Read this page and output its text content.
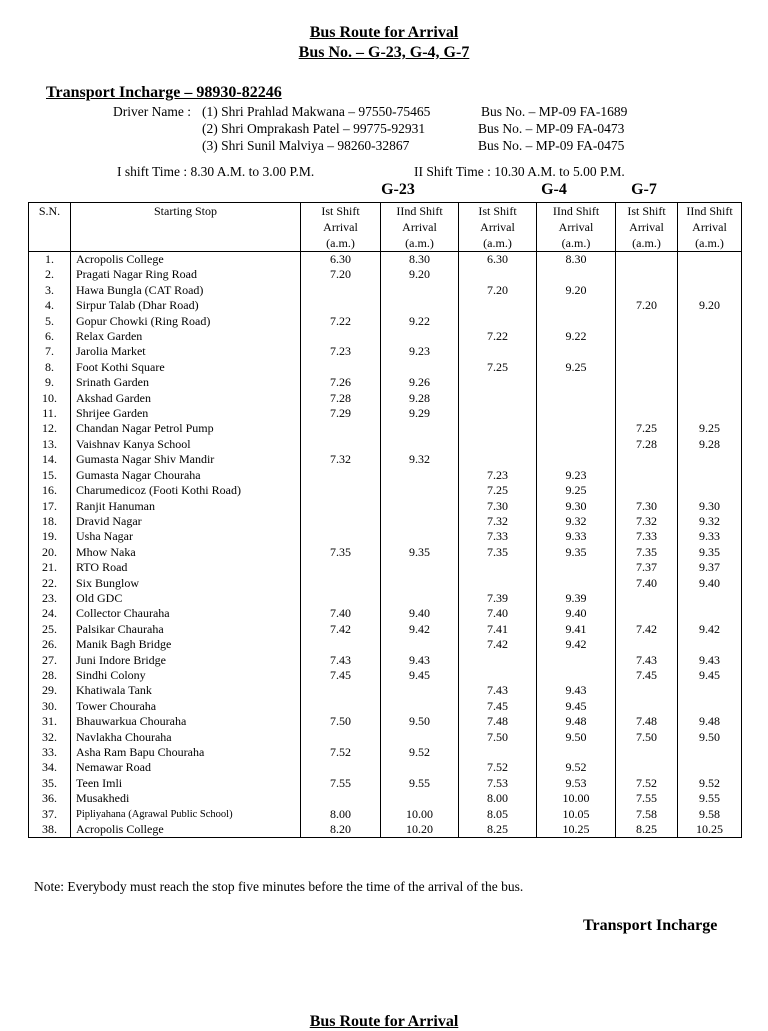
Bus Route for Arrival
Bus No. – G-23, G-4, G-7
Transport Incharge – 98930-82246
Driver Name : (1) Shri Prahlad Makwana – 97550-75465	Bus No. – MP-09 FA-1689
(2) Shri Omprakash Patel – 99775-92931	Bus No. – MP-09 FA-0473
(3) Shri Sunil Malviya – 98260-32867	Bus No. – MP-09 FA-0475
I shift Time : 8.30 A.M. to 3.00 P.M.	II Shift Time : 10.30 A.M. to 5.00 P.M.
G-23	G-4	G-7
S.N.	Starting Stop	Ist Shift
Arrival
(a.m.)	IInd Shift
Arrival
(a.m.)	Ist Shift
Arrival
(a.m.)	IInd Shift
Arrival
(a.m.)	Ist Shift
Arrival
(a.m.)	IInd Shift
Arrival
(a.m.)
1.	Acropolis College	6.30	8.30	6.30	8.30		
2.	Pragati Nagar Ring Road	7.20	9.20				
3.	Hawa Bungla (CAT Road)			7.20	9.20		
4.	Sirpur Talab (Dhar Road)					7.20	9.20
5.	Gopur Chowki (Ring Road)	7.22	9.22				
6.	Relax Garden			7.22	9.22		
7.	Jarolia Market	7.23	9.23				
8.	Foot Kothi Square			7.25	9.25		
9.	Srinath Garden	7.26	9.26				
10.	Akshad Garden	7.28	9.28				
11.	Shrijee Garden	7.29	9.29				
12.	Chandan Nagar Petrol Pump					7.25	9.25
13.	Vaishnav Kanya School					7.28	9.28
14.	Gumasta Nagar Shiv Mandir	7.32	9.32				
15.	Gumasta Nagar Chouraha			7.23	9.23		
16.	Charumedicoz (Footi Kothi Road)			7.25	9.25		
17.	Ranjit Hanuman			7.30	9.30	7.30	9.30
18.	Dravid Nagar			7.32	9.32	7.32	9.32
19.	Usha Nagar			7.33	9.33	7.33	9.33
20.	Mhow Naka	7.35	9.35	7.35	9.35	7.35	9.35
21.	RTO Road					7.37	9.37
22.	Six Bunglow					7.40	9.40
23.	Old GDC			7.39	9.39		
24.	Collector Chauraha	7.40	9.40	7.40	9.40		
25.	Palsikar Chauraha	7.42	9.42	7.41	9.41	7.42	9.42
26.	Manik Bagh Bridge			7.42	9.42		
27.	Juni Indore Bridge	7.43	9.43			7.43	9.43
28.	Sindhi Colony	7.45	9.45			7.45	9.45
29.	Khatiwala Tank			7.43	9.43		
30.	Tower Chouraha			7.45	9.45		
31.	Bhauwarkua Chouraha	7.50	9.50	7.48	9.48	7.48	9.48
32.	Navlakha Chouraha			7.50	9.50	7.50	9.50
33.	Asha Ram Bapu Chouraha	7.52	9.52				
34.	Nemawar Road			7.52	9.52		
35.	Teen Imli	7.55	9.55	7.53	9.53	7.52	9.52
36.	Musakhedi			8.00	10.00	7.55	9.55
37.	Pipliyahana (Agrawal Public School)	8.00	10.00	8.05	10.05	7.58	9.58
38.	Acropolis College	8.20	10.20	8.25	10.25	8.25	10.25
Note: Everybody must reach the stop five minutes before the time of the arrival of the bus.
Transport Incharge
Bus Route for Arrival
